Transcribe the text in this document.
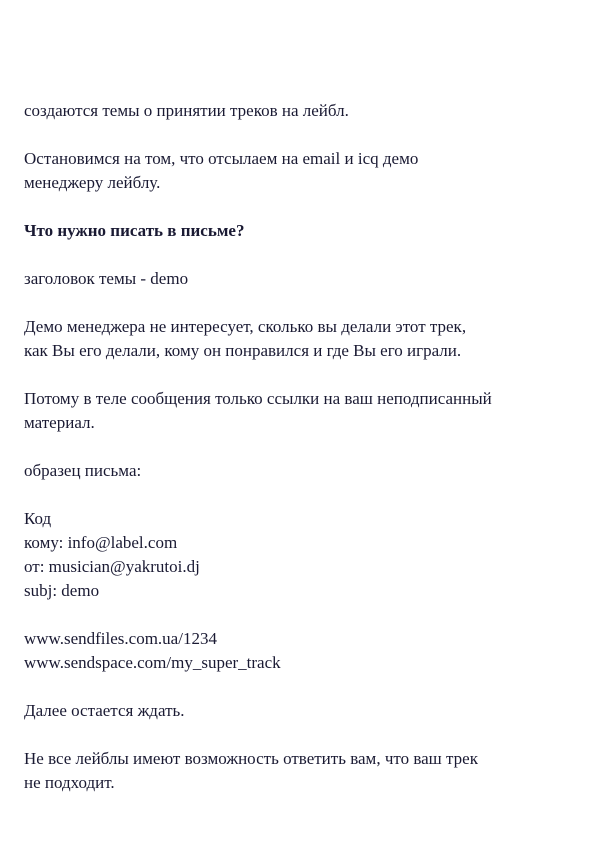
создаются темы о принятии треков на лейбл.

Остановимся на том, что отсылаем на email и icq демо
менеджеру лейблу.

Что нужно писать в письме?

заголовок темы - demo

Демо менеджера не интересует, сколько вы делали этот трек,
как Вы его делали, кому он понравился и где Вы его играли.

Потому в теле сообщения только ссылки на ваш неподписанный
материал.

образец письма:

Код
кому: info@label.com
от: musician@yakrutoi.dj
subj: demo
www.sendfiles.com.ua/1234
www.sendspace.com/my_super_track

Далее остается ждать.

Не все лейблы имеют возможность ответить вам, что ваш трек
не подходит.
